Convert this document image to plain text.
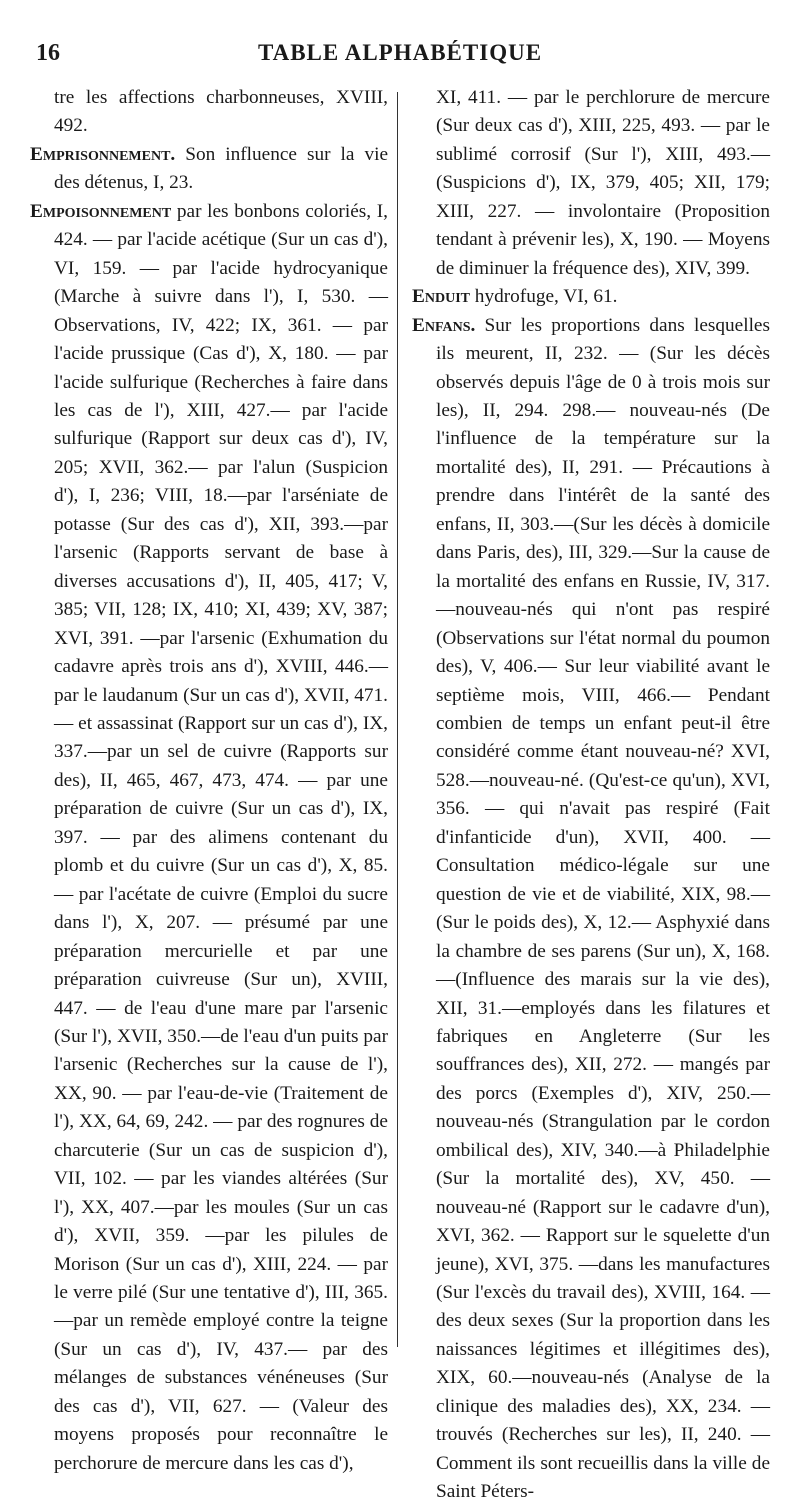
16	TABLE ALPHABÉTIQUE

tre les affections charbonneuses, XVIII, 492.

Emprisonnement. Son influence sur la vie des détenus, I, 23.

Empoisonnement par les bonbons coloriés, I, 424. — par l'acide acétique (Sur un cas d'), VI, 159. — par l'acide hydrocyanique (Marche à suivre dans l'), I, 530. — Observations, IV, 422; IX, 361. — par l'acide prussique (Cas d'), X, 180. — par l'acide sulfurique (Recherches à faire dans les cas de l'), XIII, 427.— par l'acide sulfurique (Rapport sur deux cas d'), IV, 205; XVII, 362.— par l'alun (Suspicion d'), I, 236; VIII, 18.—par l'arséniate de potasse (Sur des cas d'), XII, 393.—par l'arsenic (Rapports servant de base à diverses accusations d'), II, 405, 417; V, 385; VII, 128; IX, 410; XI, 439; XV, 387; XVI, 391. —par l'arsenic (Exhumation du cadavre après trois ans d'), XVIII, 446.—par le laudanum (Sur un cas d'), XVII, 471.— et assassinat (Rapport sur un cas d'), IX, 337.—par un sel de cuivre (Rapports sur des), II, 465, 467, 473, 474. — par une préparation de cuivre (Sur un cas d'), IX, 397. — par des alimens contenant du plomb et du cuivre (Sur un cas d'), X, 85. — par l'acétate de cuivre (Emploi du sucre dans l'), X, 207. — présumé par une préparation mercurielle et par une préparation cuivreuse (Sur un), XVIII, 447. — de l'eau d'une mare par l'arsenic (Sur l'), XVII, 350.—de l'eau d'un puits par l'arsenic (Recherches sur la cause de l'), XX, 90. — par l'eau-de-vie (Traitement de l'), XX, 64, 69, 242. — par des rognures de charcuterie (Sur un cas de suspicion d'), VII, 102. — par les viandes altérées (Sur l'), XX, 407.—par les moules (Sur un cas d'), XVII, 359. —par les pilules de Morison (Sur un cas d'), XIII, 224. — par le verre pilé (Sur une tentative d'), III, 365.—par un remède employé contre la teigne (Sur un cas d'), IV, 437.— par des mélanges de substances vénéneuses (Sur des cas d'), VII, 627. — (Valeur des moyens proposés pour reconnaître le perchorure de mercure dans les cas d'),

XI, 411. — par le perchlorure de mercure (Sur deux cas d'), XIII, 225, 493. — par le sublimé corrosif (Sur l'), XIII, 493.—(Suspicions d'), IX, 379, 405; XII, 179; XIII, 227. — involontaire (Proposition tendant à prévenir les), X, 190. — Moyens de diminuer la fréquence des), XIV, 399.

Enduit hydrofuge, VI, 61.

Enfans. Sur les proportions dans lesquelles ils meurent, II, 232. — (Sur les décès observés depuis l'âge de 0 à trois mois sur les), II, 294. 298.— nouveau-nés (De l'influence de la température sur la mortalité des), II, 291. — Précautions à prendre dans l'intérêt de la santé des enfans, II, 303.—(Sur les décès à domicile dans Paris, des), III, 329.—Sur la cause de la mortalité des enfans en Russie, IV, 317.—nouveau-nés qui n'ont pas respiré (Observations sur l'état normal du poumon des), V, 406.— Sur leur viabilité avant le septième mois, VIII, 466.— Pendant combien de temps un enfant peut-il être considéré comme étant nouveau-né? XVI, 528.—nouveau-né. (Qu'est-ce qu'un), XVI, 356. — qui n'avait pas respiré (Fait d'infanticide d'un), XVII, 400. — Consultation médico-légale sur une question de vie et de viabilité, XIX, 98.—(Sur le poids des), X, 12.— Asphyxié dans la chambre de ses parens (Sur un), X, 168.—(Influence des marais sur la vie des), XII, 31.—employés dans les filatures et fabriques en Angleterre (Sur les souffrances des), XII, 272. — mangés par des porcs (Exemples d'), XIV, 250.—nouveau-nés (Strangulation par le cordon ombilical des), XIV, 340.—à Philadelphie (Sur la mortalité des), XV, 450. —nouveau-né (Rapport sur le cadavre d'un), XVI, 362. — Rapport sur le squelette d'un jeune), XVI, 375. —dans les manufactures (Sur l'excès du travail des), XVIII, 164. — des deux sexes (Sur la proportion dans les naissances légitimes et illégitimes des), XIX, 60.—nouveau-nés (Analyse de la clinique des maladies des), XX, 234. —trouvés (Recherches sur les), II, 240. — Comment ils sont recueillis dans la ville de Saint Péters-
